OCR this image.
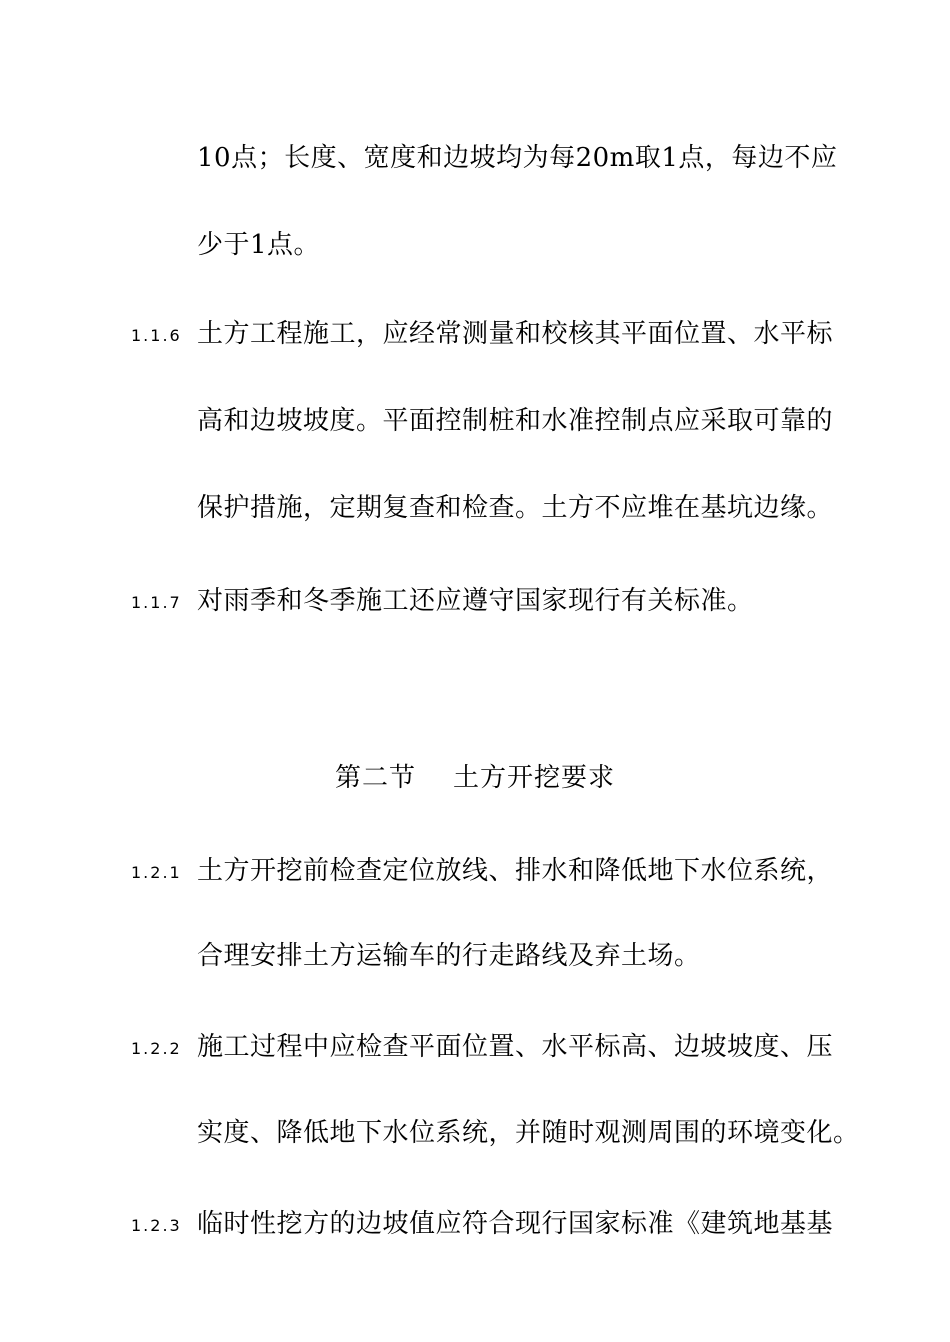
10点；长度、宽度和边坡均为每20m取1点，每边不应
少于1点。
1.1.6 土方工程施工，应经常测量和校核其平面位置、水平标
高和边坡坡度。平面控制桩和水准控制点应采取可靠的
保护措施，定期复查和检查。土方不应堆在基坑边缘。
1.1.7 对雨季和冬季施工还应遵守国家现行有关标准。
第二节    土方开挖要求
1.2.1 土方开挖前检查定位放线、排水和降低地下水位系统，
合理安排土方运输车的行走路线及弃土场。
1.2.2 施工过程中应检查平面位置、水平标高、边坡坡度、压
实度、降低地下水位系统，并随时观测周围的环境变化。
1.2.3 临时性挖方的边坡值应符合现行国家标准《建筑地基基
